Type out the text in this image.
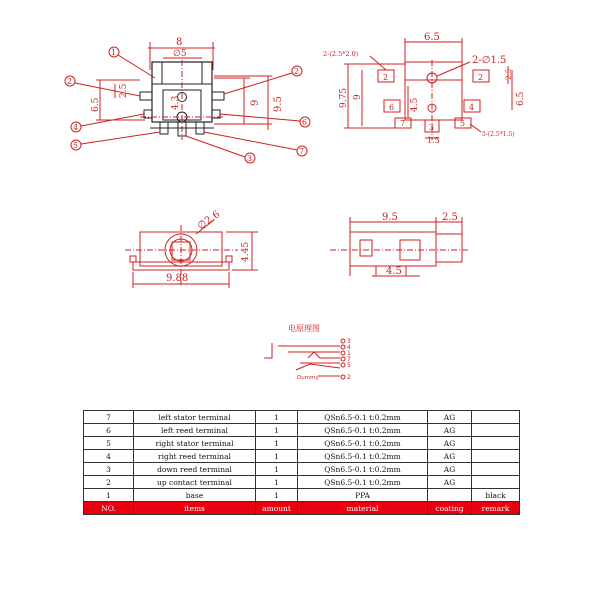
8
∅5
2.5
6.5	4.3	9 9.5
1
2
2
4
5
6
7
3
6.5
2	2
6	4
7	3	5
2-(2.5*2.0)
2-∅1.5
2.5
6.5
9.75 9
4.5
1.5
5-(2.5*1.5)
∅2.6
4.45
9.88
9.5	2.5
4.5
电原理图
3
4
1
7
5
2
Dummy
7	left stator terminal	1	QSn6.5-0.1 t:0.2mm	AG	
6	left reed terminal	1	QSn6.5-0.1 t:0.2mm	AG	
5	right stator terminal	1	QSn6.5-0.1 t:0.2mm	AG	
4	right reed terminal	1	QSn6.5-0.1 t:0.2mm	AG	
3	down reed terminal	1	QSn6.5-0.1 t:0.2mm	AG	
2	up contact terminal	1	QSn6.5-0.1 t:0.2mm	AG	
1	base	1	PPA		black
NO.	items	amount	material	coating	remark
